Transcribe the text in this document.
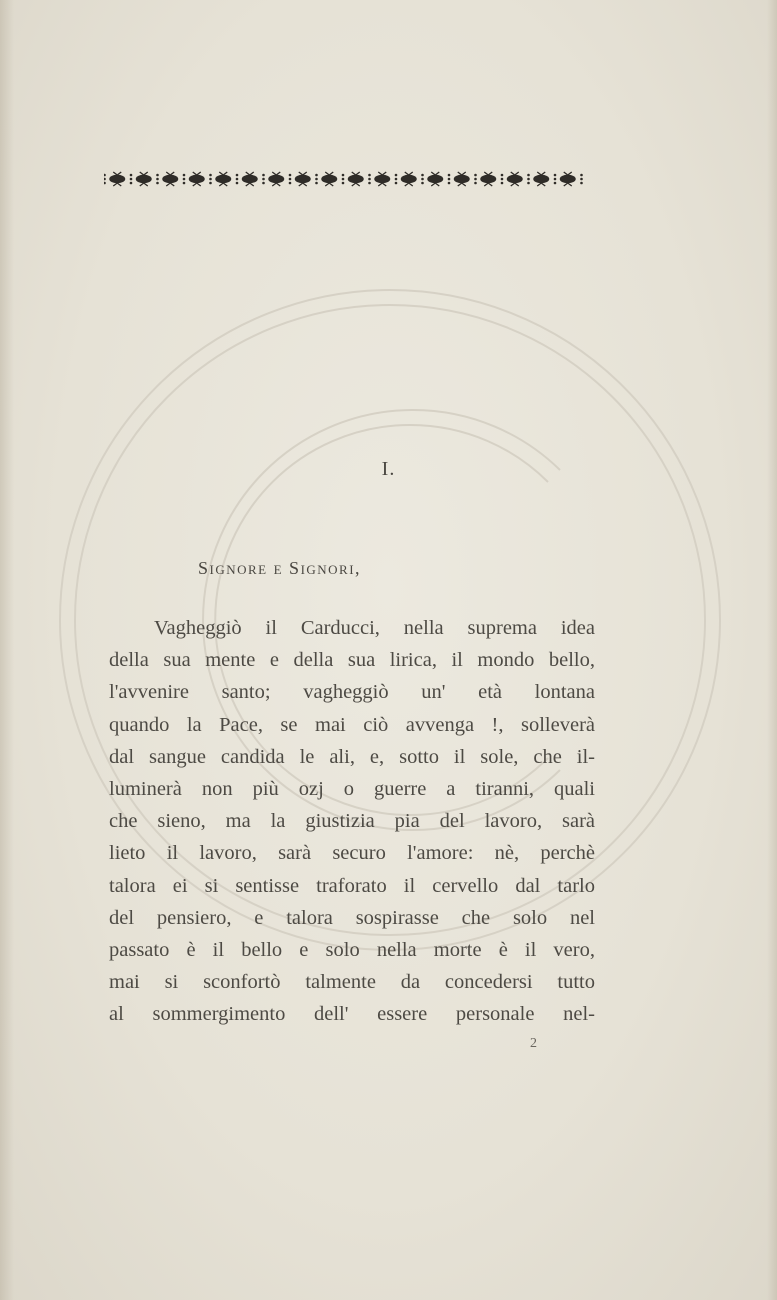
I.
Signore e Signori,
Vagheggiò il Carducci, nella suprema idea
della sua mente e della sua lirica, il mondo bello,
l'avvenire santo; vagheggiò un' età lontana
quando la Pace, se mai ciò avvenga !, solleverà
dal sangue candida le ali, e, sotto il sole, che il-
luminerà non più ozj o guerre a tiranni, quali
che sieno, ma la giustizia pia del lavoro, sarà
lieto il lavoro, sarà securo l'amore: nè, perchè
talora ei si sentisse traforato il cervello dal tarlo
del pensiero, e talora sospirasse che solo nel
passato è il bello e solo nella morte è il vero,
mai si sconfortò talmente da concedersi tutto
al sommergimento dell' essere personale nel-
2
